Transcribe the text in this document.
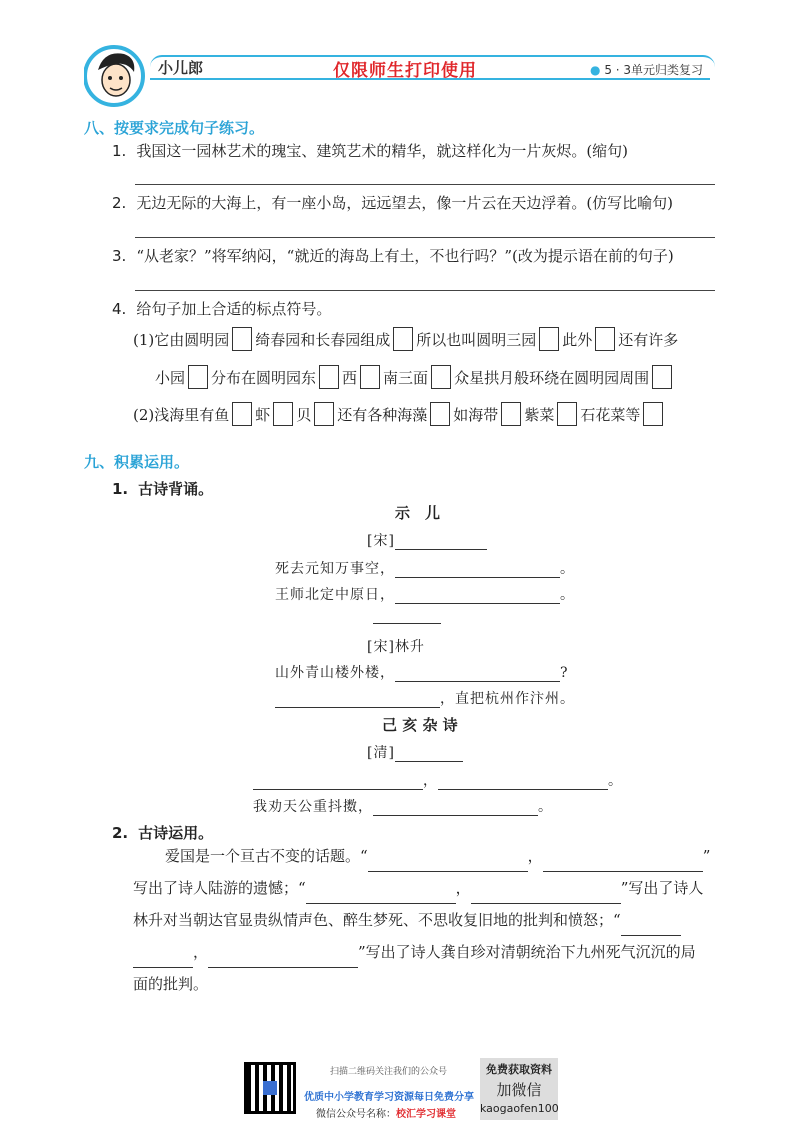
小儿郎	仅限师生打印使用	● 5 · 3单元归类复习
八、按要求完成句子练习。
1. 我国这一园林艺术的瑰宝、建筑艺术的精华，就这样化为一片灰烬。(缩句)
2. 无边无际的大海上，有一座小岛，远远望去，像一片云在天边浮着。(仿写比喻句)
3. “从老家？”将军纳闷，“就近的海岛上有土，不也行吗？”(改为提示语在前的句子)
4. 给句子加上合适的标点符号。
(1)它由圆明园 绮春园和长春园组成 所以也叫圆明三园 此外 还有许多
小园 分布在圆明园东 西 南三面 众星拱月般环绕在圆明园周围
(2)浅海里有鱼 虾 贝 还有各种海藻 如海带 紫菜 石花菜等
九、积累运用。
1. 古诗背诵。
示　儿
[宋]
死去元知万事空，	。
王师北定中原日，	。
[宋]林升
山外青山楼外楼，	?
，直把杭州作汴州。
己 亥 杂 诗
[清]
，	。
我劝天公重抖擞，	。
2. 古诗运用。
爱国是一个亘古不变的话题。“	，	”
写出了诗人陆游的遗憾；“	，	”写出了诗人
林升对当朝达官显贵纵情声色、醉生梦死、不思收复旧地的批判和愤怒；“
，	”写出了诗人龚自珍对清朝统治下九州死气沉沉的局
面的批判。
扫描二维码关注我们的公众号
优质中小学教育学习资源每日免费分享
微信公众号名称：校汇学习课堂
免费获取资料
加微信
kaogaofen100
